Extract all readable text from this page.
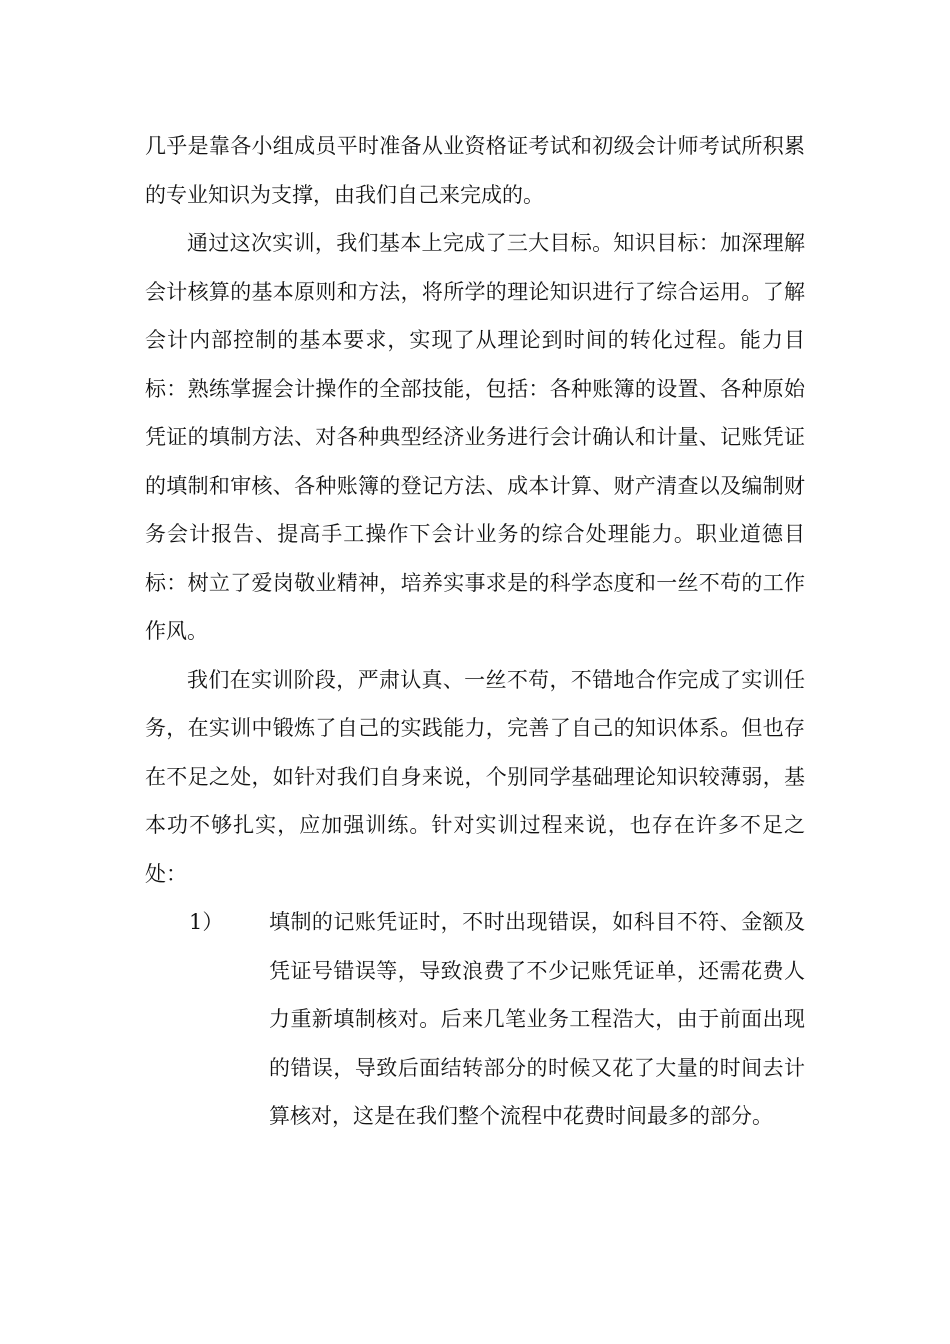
几乎是靠各小组成员平时准备从业资格证考试和初级会计师考试所积累的专业知识为支撑，由我们自己来完成的。

通过这次实训，我们基本上完成了三大目标。知识目标：加深理解会计核算的基本原则和方法，将所学的理论知识进行了综合运用。了解会计内部控制的基本要求，实现了从理论到时间的转化过程。能力目标：熟练掌握会计操作的全部技能，包括：各种账簿的设置、各种原始凭证的填制方法、对各种典型经济业务进行会计确认和计量、记账凭证的填制和审核、各种账簿的登记方法、成本计算、财产清查以及编制财务会计报告、提高手工操作下会计业务的综合处理能力。职业道德目标：树立了爱岗敬业精神，培养实事求是的科学态度和一丝不苟的工作作风。

我们在实训阶段，严肃认真、一丝不苟，不错地合作完成了实训任务，在实训中锻炼了自己的实践能力，完善了自己的知识体系。但也存在不足之处，如针对我们自身来说，个别同学基础理论知识较薄弱，基本功不够扎实，应加强训练。针对实训过程来说，也存在许多不足之处：

1） 填制的记账凭证时，不时出现错误，如科目不符、金额及凭证号错误等，导致浪费了不少记账凭证单，还需花费人力重新填制核对。后来几笔业务工程浩大，由于前面出现的错误，导致后面结转部分的时候又花了大量的时间去计算核对，这是在我们整个流程中花费时间最多的部分。
